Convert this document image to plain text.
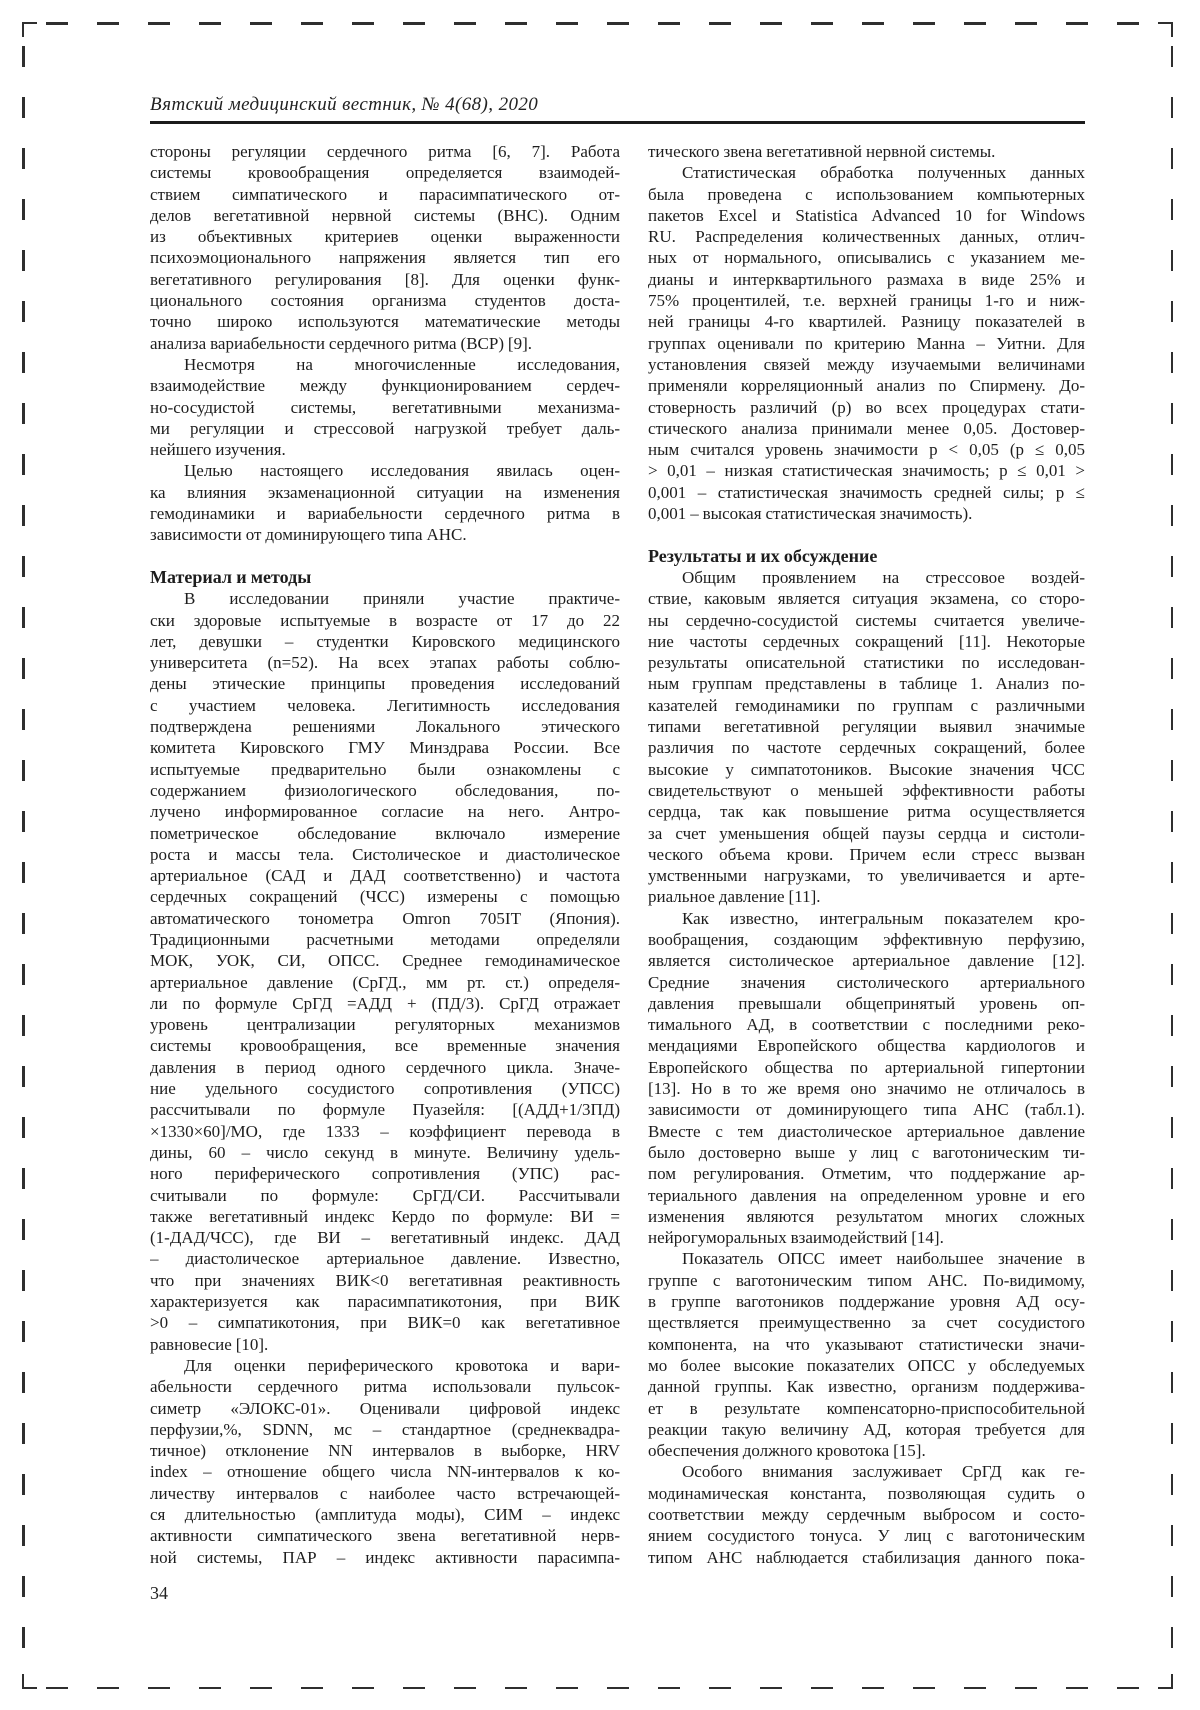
Вятский медицинский вестник, № 4(68), 2020
стороны регуляции сердечного ритма [6, 7]. Работа
системы кровообращения определяется взаимодей-
ствием симпатического и парасимпатического от-
делов вегетативной нервной системы (ВНС). Одним
из объективных критериев оценки выраженности
психоэмоционального напряжения является тип его
вегетативного регулирования [8]. Для оценки функ-
ционального состояния организма студентов доста-
точно широко используются математические методы
анализа вариабельности сердечного ритма (ВСР) [9].
Несмотря на многочисленные исследования,
взаимодействие между функционированием сердеч-
но-сосудистой системы, вегетативными механизма-
ми регуляции и стрессовой нагрузкой требует даль-
нейшего изучения.
Целью настоящего исследования явилась оцен-
ка влияния экзаменационной ситуации на изменения
гемодинамики и вариабельности сердечного ритма в
зависимости от доминирующего типа АНС.
Материал и методы
В исследовании приняли участие практиче-
ски здоровые испытуемые в возрасте от 17 до 22
лет, девушки – студентки Кировского медицинского
университета (n=52). На всех этапах работы соблю-
дены этические принципы проведения исследований
с участием человека. Легитимность исследования
подтверждена решениями Локального этического
комитета Кировского ГМУ Минздрава России. Все
испытуемые предварительно были ознакомлены с
содержанием физиологического обследования, по-
лучено информированное согласие на него. Антро-
пометрическое обследование включало измерение
роста и массы тела. Систолическое и диастолическое
артериальное (САД и ДАД соответственно) и частота
сердечных сокращений (ЧСС) измерены с помощью
автоматического тонометра Omron 705IT (Япония).
Традиционными расчетными методами определяли
МОК, УОК, СИ, ОПСС. Среднее гемодинамическое
артериальное давление (СрГД., мм рт. ст.) определя-
ли по формуле СрГД =АДД + (ПД/3). СрГД отражает
уровень централизации регуляторных механизмов
системы кровообращения, все временные значения
давления в период одного сердечного цикла. Значе-
ние удельного сосудистого сопротивления (УПСС)
рассчитывали по формуле Пуазейля: [(АДД+1/3ПД)
×1330×60]/МО, где 1333 – коэффициент перевода в
дины, 60 – число секунд в минуте. Величину удель-
ного периферического сопротивления (УПС) рас-
считывали по формуле: СрГД/СИ. Рассчитывали
также вегетативный индекс Кердо по формуле: ВИ =
(1-ДАД/ЧСС), где ВИ – вегетативный индекс. ДАД
– диастолическое артериальное давление. Известно,
что при значениях ВИК<0 вегетативная реактивность
характеризуется как парасимпатикотония, при ВИК
>0 – симпатикотония, при ВИК=0 как вегетативное
равновесие [10].
Для оценки периферического кровотока и вари-
абельности сердечного ритма использовали пульсок-
симетр «ЭЛОКС-01». Оценивали цифровой индекс
перфузии,%, SDNN, мс – стандартное (среднеквадра-
тичное) отклонение NN интервалов в выборке, HRV
index – отношение общего числа NN-интервалов к ко-
личеству интервалов с наиболее часто встречающей-
ся длительностью (амплитуда моды), СИМ – индекс
активности симпатического звена вегетативной нерв-
ной системы, ПАР – индекс активности парасимпа-
тического звена вегетативной нервной системы.
Статистическая обработка полученных данных
была проведена с использованием компьютерных
пакетов Excel и Statistica Advanced 10 for Windows
RU. Распределения количественных данных, отлич-
ных от нормального, описывались с указанием ме-
дианы и интерквартильного размаха в виде 25% и
75% процентилей, т.е. верхней границы 1-го и ниж-
ней границы 4-го квартилей. Разницу показателей в
группах оценивали по критерию Манна – Уитни. Для
установления связей между изучаемыми величинами
применяли корреляционный анализ по Спирмену. До-
стоверность различий (р) во всех процедурах стати-
стического анализа принимали менее 0,05. Достовер-
ным считался уровень значимости p < 0,05 (p ≤ 0,05
> 0,01 – низкая статистическая значимость; p ≤ 0,01 >
0,001 – статистическая значимость средней силы; p ≤
0,001 – высокая статистическая значимость).
Результаты и их обсуждение
Общим проявлением на стрессовое воздей-
ствие, каковым является ситуация экзамена, со сторо-
ны сердечно-сосудистой системы считается увеличе-
ние частоты сердечных сокращений [11]. Некоторые
результаты описательной статистики по исследован-
ным группам представлены в таблице 1. Анализ по-
казателей гемодинамики по группам с различными
типами вегетативной регуляции выявил значимые
различия по частоте сердечных сокращений, более
высокие у симпатотоников. Высокие значения ЧСС
свидетельствуют о меньшей эффективности работы
сердца, так как повышение ритма осуществляется
за счет уменьшения общей паузы сердца и систоли-
ческого объема крови. Причем если стресс вызван
умственными нагрузками, то увеличивается и арте-
риальное давление [11].
Как известно, интегральным показателем кро-
вообращения, создающим эффективную перфузию,
является систолическое артериальное давление [12].
Средние значения систолического артериального
давления превышали общепринятый уровень оп-
тимального АД, в соответствии с последними реко-
мендациями Европейского общества кардиологов и
Европейского общества по артериальной гипертонии
[13]. Но в то же время оно значимо не отличалось в
зависимости от доминирующего типа АНС (табл.1).
Вместе с тем диастолическое артериальное давление
было достоверно выше у лиц с ваготоническим ти-
пом регулирования. Отметим, что поддержание ар-
териального давления на определенном уровне и его
изменения являются результатом многих сложных
нейрогуморальных взаимодействий [14].
Показатель ОПСС имеет наибольшее значение в
группе с ваготоническим типом АНС. По-видимому,
в группе ваготоников поддержание уровня АД осу-
ществляется преимущественно за счет сосудистого
компонента, на что указывают статистически значи-
мо более высокие показателих ОПСС у обследуемых
данной группы. Как известно, организм поддержива-
ет в результате компенсаторно-приспособительной
реакции такую величину АД, которая требуется для
обеспечения должного кровотока [15].
Особого внимания заслуживает СрГД как ге-
модинамическая константа, позволяющая судить о
соответствии между сердечным выбросом и состо-
янием сосудистого тонуса. У лиц с ваготоническим
типом АНС наблюдается стабилизация данного пока-
34
